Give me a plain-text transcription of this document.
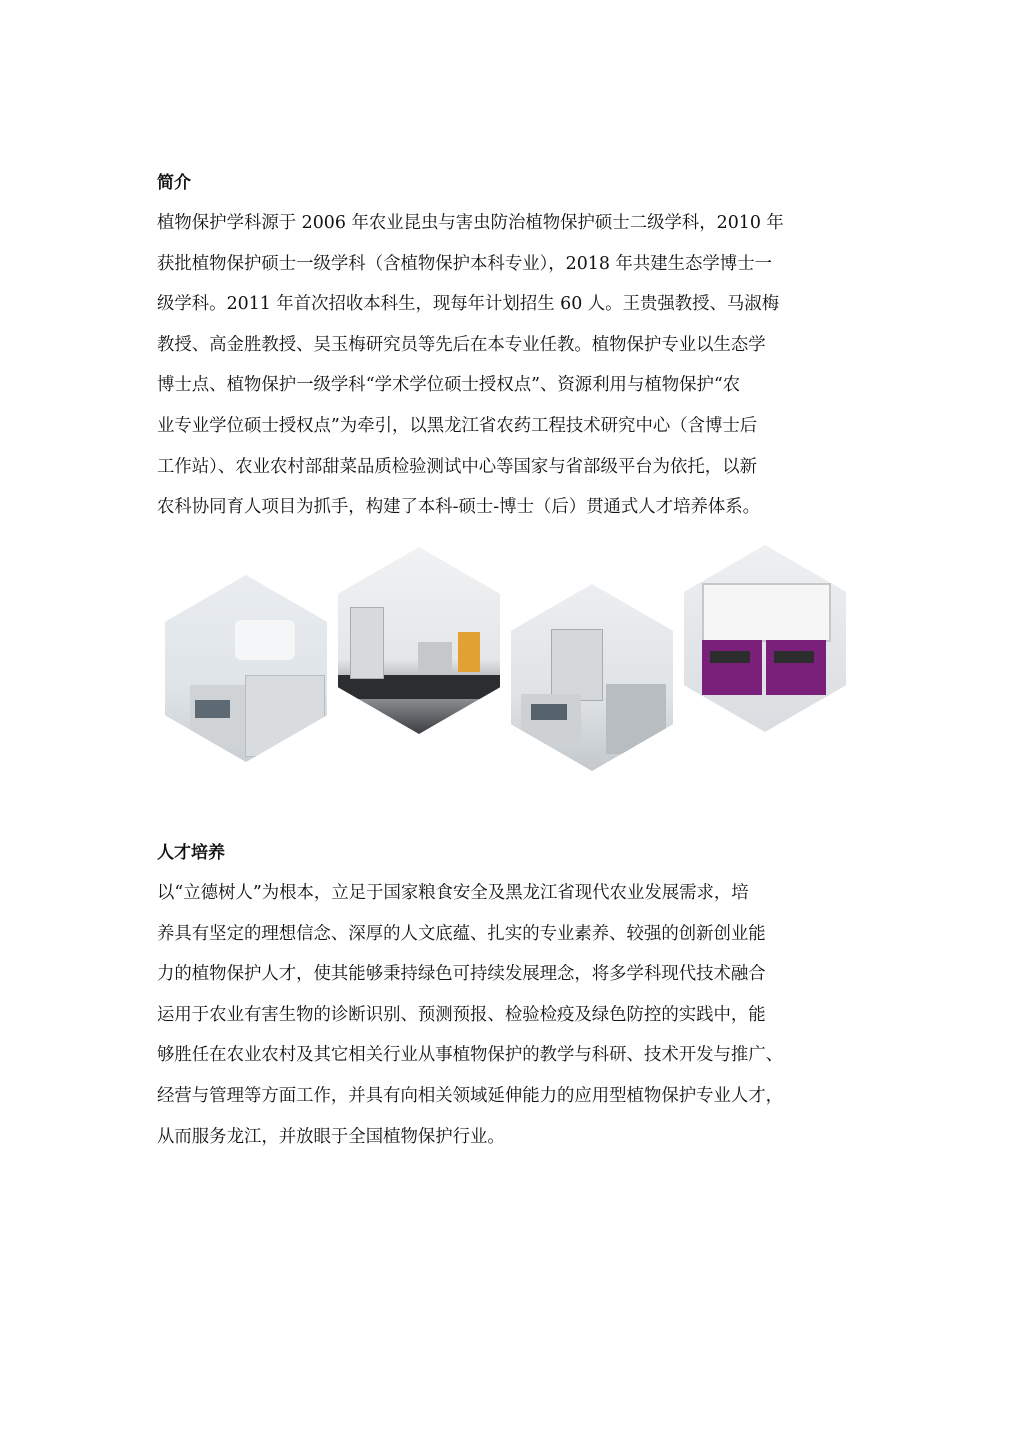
简介

植物保护学科源于 2006 年农业昆虫与害虫防治植物保护硕士二级学科，2010 年

获批植物保护硕士一级学科（含植物保护本科专业），2018 年共建生态学博士一

级学科。2011 年首次招收本科生，现每年计划招生 60 人。王贵强教授、马淑梅

教授、高金胜教授、吴玉梅研究员等先后在本专业任教。植物保护专业以生态学

博士点、植物保护一级学科“学术学位硕士授权点”、资源利用与植物保护“农

业专业学位硕士授权点”为牵引，以黑龙江省农药工程技术研究中心（含博士后

工作站）、农业农村部甜菜品质检验测试中心等国家与省部级平台为依托，以新

农科协同育人项目为抓手，构建了本科-硕士-博士（后）贯通式人才培养体系。

人才培养

以“立德树人”为根本，立足于国家粮食安全及黑龙江省现代农业发展需求，培

养具有坚定的理想信念、深厚的人文底蕴、扎实的专业素养、较强的创新创业能

力的植物保护人才，使其能够秉持绿色可持续发展理念，将多学科现代技术融合

运用于农业有害生物的诊断识别、预测预报、检验检疫及绿色防控的实践中，能

够胜任在农业农村及其它相关行业从事植物保护的教学与科研、技术开发与推广、

经营与管理等方面工作，并具有向相关领域延伸能力的应用型植物保护专业人才，

从而服务龙江，并放眼于全国植物保护行业。
